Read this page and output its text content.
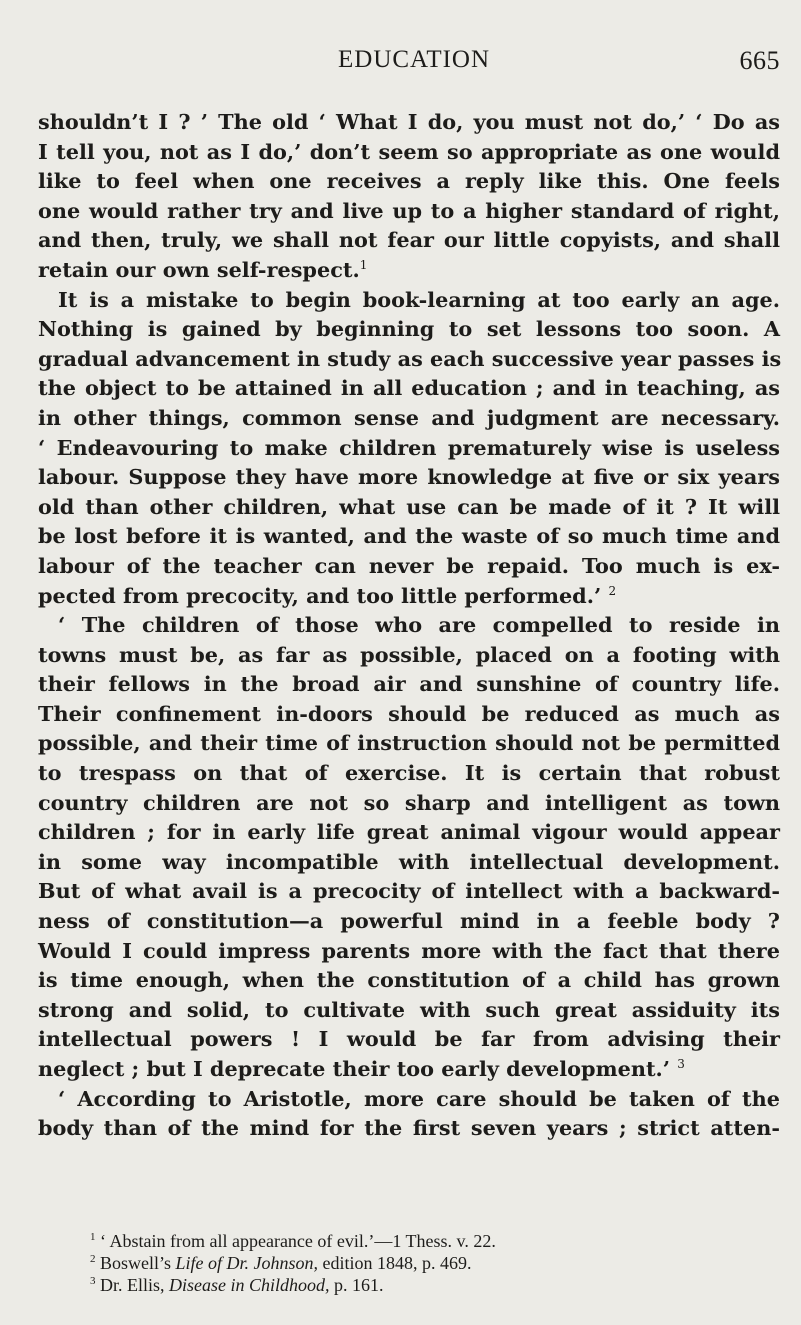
EDUCATION	665
shouldn’t I ? ’ The old ‘ What I do, you must not do,’ ‘ Do as
I tell you, not as I do,’ don’t seem so appropriate as one would
like to feel when one receives a reply like this. One feels
one would rather try and live up to a higher standard of right,
and then, truly, we shall not fear our little copyists, and shall
retain our own self-respect.$^1$
It is a mistake to begin book-learning at too early an age.
Nothing is gained by beginning to set lessons too soon. A
gradual advancement in study as each successive year passes is
the object to be attained in all education ; and in teaching, as
in other things, common sense and judgment are necessary.
‘ Endeavouring to make children prematurely wise is useless
labour. Suppose they have more knowledge at five or six years
old than other children, what use can be made of it ? It will
be lost before it is wanted, and the waste of so much time and
labour of the teacher can never be repaid. Too much is ex-
pected from precocity, and too little performed.’ $^2$
‘ The children of those who are compelled to reside in
towns must be, as far as possible, placed on a footing with
their fellows in the broad air and sunshine of country life.
Their confinement in-doors should be reduced as much as
possible, and their time of instruction should not be permitted
to trespass on that of exercise. It is certain that robust
country children are not so sharp and intelligent as town
children ; for in early life great animal vigour would appear
in some way incompatible with intellectual development.
But of what avail is a precocity of intellect with a backward-
ness of constitution—a powerful mind in a feeble body ?
Would I could impress parents more with the fact that there
is time enough, when the constitution of a child has grown
strong and solid, to cultivate with such great assiduity its
intellectual powers ! I would be far from advising their
neglect ; but I deprecate their too early development.’ $^3$
‘ According to Aristotle, more care should be taken of the
body than of the mind for the first seven years ; strict atten-
$^1$ ‘ Abstain from all appearance of evil.’—1 Thess. v. 22.
$^2$ Boswell’s Life of Dr. Johnson, edition 1848, p. 469.
$^3$ Dr. Ellis, Disease in Childhood, p. 161.
